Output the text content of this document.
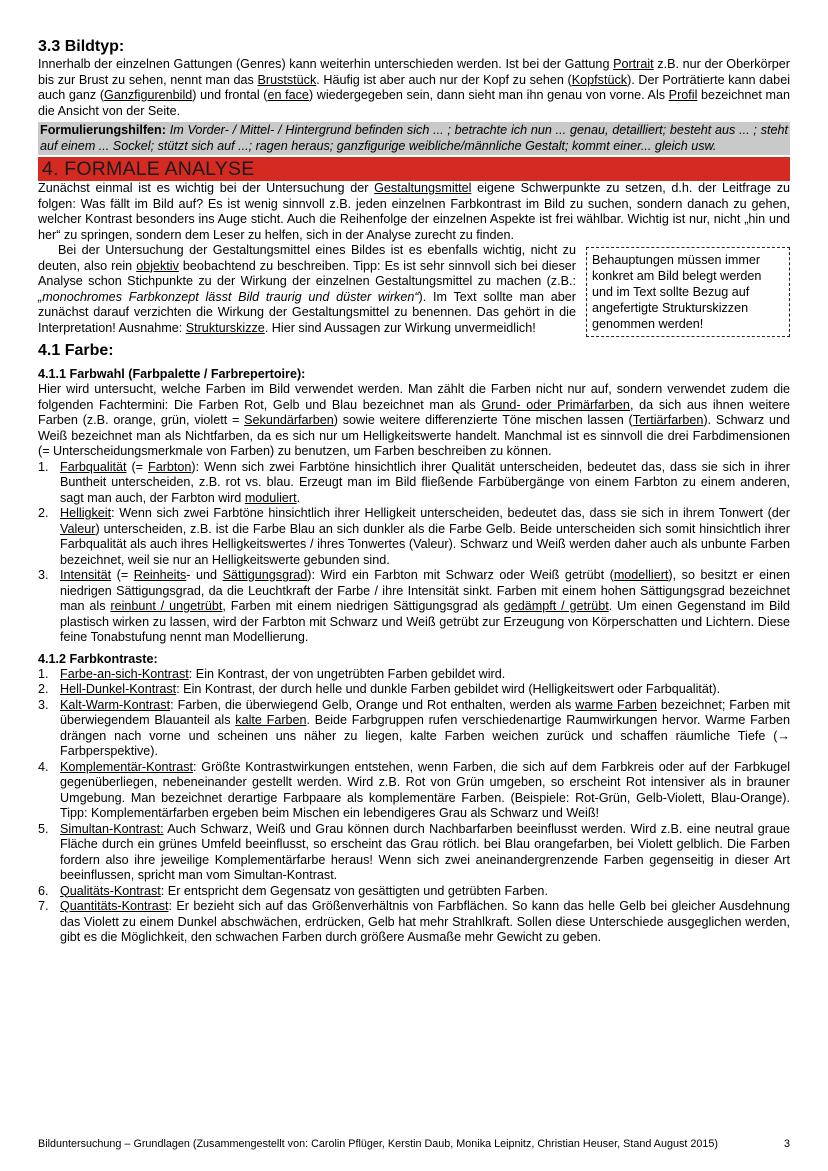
3.3 Bildtyp:

Innerhalb der einzelnen Gattungen (Genres) kann weiterhin unterschieden werden. Ist bei der Gattung Portrait z.B. nur der Oberkörper bis zur Brust zu sehen, nennt man das Bruststück. Häufig ist aber auch nur der Kopf zu sehen (Kopfstück). Der Porträtierte kann dabei auch ganz (Ganzfigurenbild) und frontal (en face) wiedergegeben sein, dann sieht man ihn genau von vorne. Als Profil bezeichnet man die Ansicht von der Seite.

Formulierungshilfen: Im Vorder- / Mittel- / Hintergrund befinden sich ... ; betrachte ich nun ... genau, detailliert; besteht aus ... ; steht auf einem ... Sockel; stützt sich auf ...; ragen heraus; ganzfigurige weibliche/männliche Gestalt; kommt einer... gleich usw.
4. FORMALE ANALYSE

Zunächst einmal ist es wichtig bei der Untersuchung der Gestaltungsmittel eigene Schwerpunkte zu setzen, d.h. der Leitfrage zu folgen: Was fällt im Bild auf? Es ist wenig sinnvoll z.B. jeden einzelnen Farbkontrast im Bild zu suchen, sondern danach zu gehen, welcher Kontrast besonders ins Auge sticht. Auch die Reihenfolge der einzelnen Aspekte ist frei wählbar. Wichtig ist nur, nicht „hin und her“ zu springen, sondern dem Leser zu helfen, sich in der Analyse zurecht zu finden.

Bei der Untersuchung der Gestaltungsmittel eines Bildes ist es ebenfalls wichtig, nicht zu deuten, also rein objektiv beobachtend zu beschreiben. Tipp: Es ist sehr sinnvoll sich bei dieser Analyse schon Stichpunkte zu der Wirkung der einzelnen Gestaltungsmittel zu machen (z.B.: „monochromes Farbkonzept lässt Bild traurig und düster wirken“). Im Text sollte man aber zunächst darauf verzichten die Wirkung der Gestaltungsmittel zu benennen. Das gehört in die Interpretation! Ausnahme: Strukturskizze. Hier sind Aussagen zur Wirkung unvermeidlich!

Behauptungen müssen immer konkret am Bild belegt werden und im Text sollte Bezug auf angefertigte Strukturskizzen genommen werden!
4.1 Farbe:
4.1.1 Farbwahl (Farbpalette / Farbrepertoire):

Hier wird untersucht, welche Farben im Bild verwendet werden. Man zählt die Farben nicht nur auf, sondern verwendet zudem die folgenden Fachtermini: Die Farben Rot, Gelb und Blau bezeichnet man als Grund- oder Primärfarben, da sich aus ihnen weitere Farben (z.B. orange, grün, violett = Sekundärfarben) sowie weitere differenzierte Töne mischen lassen (Tertiärfarben). Schwarz und Weiß bezeichnet man als Nichtfarben, da es sich nur um Helligkeitswerte handelt. Manchmal ist es sinnvoll die drei Farbdimensionen (= Unterscheidungsmerkmale von Farben) zu benutzen, um Farben beschreiben zu können.

1. Farbqualität (= Farbton): Wenn sich zwei Farbtöne hinsichtlich ihrer Qualität unterscheiden, bedeutet das, dass sie sich in ihrer Buntheit unterscheiden, z.B. rot vs. blau. Erzeugt man im Bild fließende Farbübergänge von einem Farbton zu einem anderen, sagt man auch, der Farbton wird moduliert.
2. Helligkeit: Wenn sich zwei Farbtöne hinsichtlich ihrer Helligkeit unterscheiden, bedeutet das, dass sie sich in ihrem Tonwert (der Valeur) unterscheiden, z.B. ist die Farbe Blau an sich dunkler als die Farbe Gelb. Beide unterscheiden sich somit hinsichtlich ihrer Farbqualität als auch ihres Helligkeitswertes / ihres Tonwertes (Valeur). Schwarz und Weiß werden daher auch als unbunte Farben bezeichnet, weil sie nur an Helligkeitswerte gebunden sind.
3. Intensität (= Reinheits- und Sättigungsgrad): Wird ein Farbton mit Schwarz oder Weiß getrübt (modelliert), so besitzt er einen niedrigen Sättigungsgrad, da die Leuchtkraft der Farbe / ihre Intensität sinkt. Farben mit einem hohen Sättigungsgrad bezeichnet man als reinbunt / ungetrübt, Farben mit einem niedrigen Sättigungsgrad als gedämpft / getrübt. Um einen Gegenstand im Bild plastisch wirken zu lassen, wird der Farbton mit Schwarz und Weiß getrübt zur Erzeugung von Körperschatten und Lichtern. Diese feine Tonabstufung nennt man Modellierung.
4.1.2 Farbkontraste:
1. Farbe-an-sich-Kontrast: Ein Kontrast, der von ungetrübten Farben gebildet wird.
2. Hell-Dunkel-Kontrast: Ein Kontrast, der durch helle und dunkle Farben gebildet wird (Helligkeitswert oder Farbqualität).
3. Kalt-Warm-Kontrast: Farben, die überwiegend Gelb, Orange und Rot enthalten, werden als warme Farben bezeichnet; Farben mit überwiegendem Blauanteil als kalte Farben. Beide Farbgruppen rufen verschiedenartige Raumwirkungen hervor. Warme Farben drängen nach vorne und scheinen uns näher zu liegen, kalte Farben weichen zurück und schaffen räumliche Tiefe (→ Farbperspektive).
4. Komplementär-Kontrast: Größte Kontrastwirkungen entstehen, wenn Farben, die sich auf dem Farbkreis oder auf der Farbkugel gegenüberliegen, nebeneinander gestellt werden. Wird z.B. Rot von Grün umgeben, so erscheint Rot intensiver als in brauner Umgebung. Man bezeichnet derartige Farbpaare als komplementäre Farben. (Beispiele: Rot-Grün, Gelb-Violett, Blau-Orange). Tipp: Komplementärfarben ergeben beim Mischen ein lebendigeres Grau als Schwarz und Weiß!
5. Simultan-Kontrast: Auch Schwarz, Weiß und Grau können durch Nachbarfarben beeinflusst werden. Wird z.B. eine neutral graue Fläche durch ein grünes Umfeld beeinflusst, so erscheint das Grau rötlich. bei Blau orangefarben, bei Violett gelblich. Die Farben fordern also ihre jeweilige Komplementärfarbe heraus! Wenn sich zwei aneinandergrenzende Farben gegenseitig in dieser Art beeinflussen, spricht man vom Simultan-Kontrast.
6. Qualitäts-Kontrast: Er entspricht dem Gegensatz von gesättigten und getrübten Farben.
7. Quantitäts-Kontrast: Er bezieht sich auf das Größenverhältnis von Farbflächen. So kann das helle Gelb bei gleicher Ausdehnung das Violett zu einem Dunkel abschwächen, erdrücken, Gelb hat mehr Strahlkraft. Sollen diese Unterschiede ausgeglichen werden, gibt es die Möglichkeit, den schwachen Farben durch größere Ausmaße mehr Gewicht zu geben.
Bilduntersuchung – Grundlagen (Zusammengestellt von: Carolin Pflüger, Kerstin Daub, Monika Leipnitz, Christian Heuser, Stand August 2015)	3
